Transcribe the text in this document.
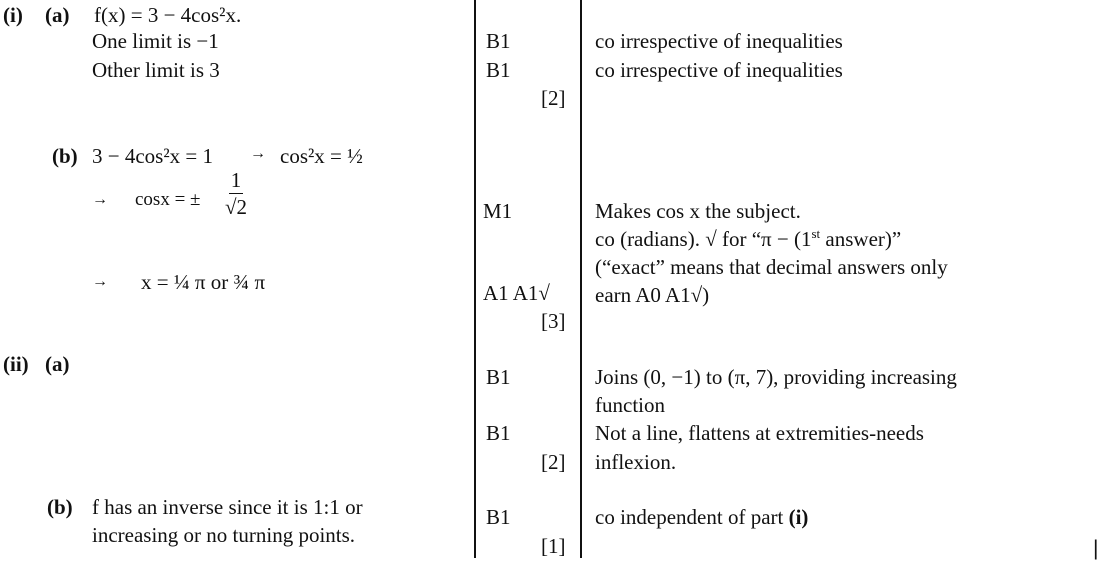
(i) (a) f(x) = 3 − 4cos²x.
One limit is −1
Other limit is 3
B1
B1
[2]
co irrespective of inequalities
co irrespective of inequalities
(b) 3 − 4cos²x = 1 → cos²x = ½
→ cosx = ± $\frac{1}{√2}$
→ x = ¼ π or ¾ π
M1
A1 A1√
[3]
Makes cos x the subject.
co (radians). √ for “π − (1st answer)”
(“exact” means that decimal answers only
earn A0 A1√)
(ii) (a)
B1
B1
[2]
Joins (0, −1) to (π, 7), providing increasing
function
Not a line, flattens at extremities-needs
inflexion.
(b) f has an inverse since it is 1:1 or
increasing or no turning points.
B1
[1]
co independent of part (i)
|
